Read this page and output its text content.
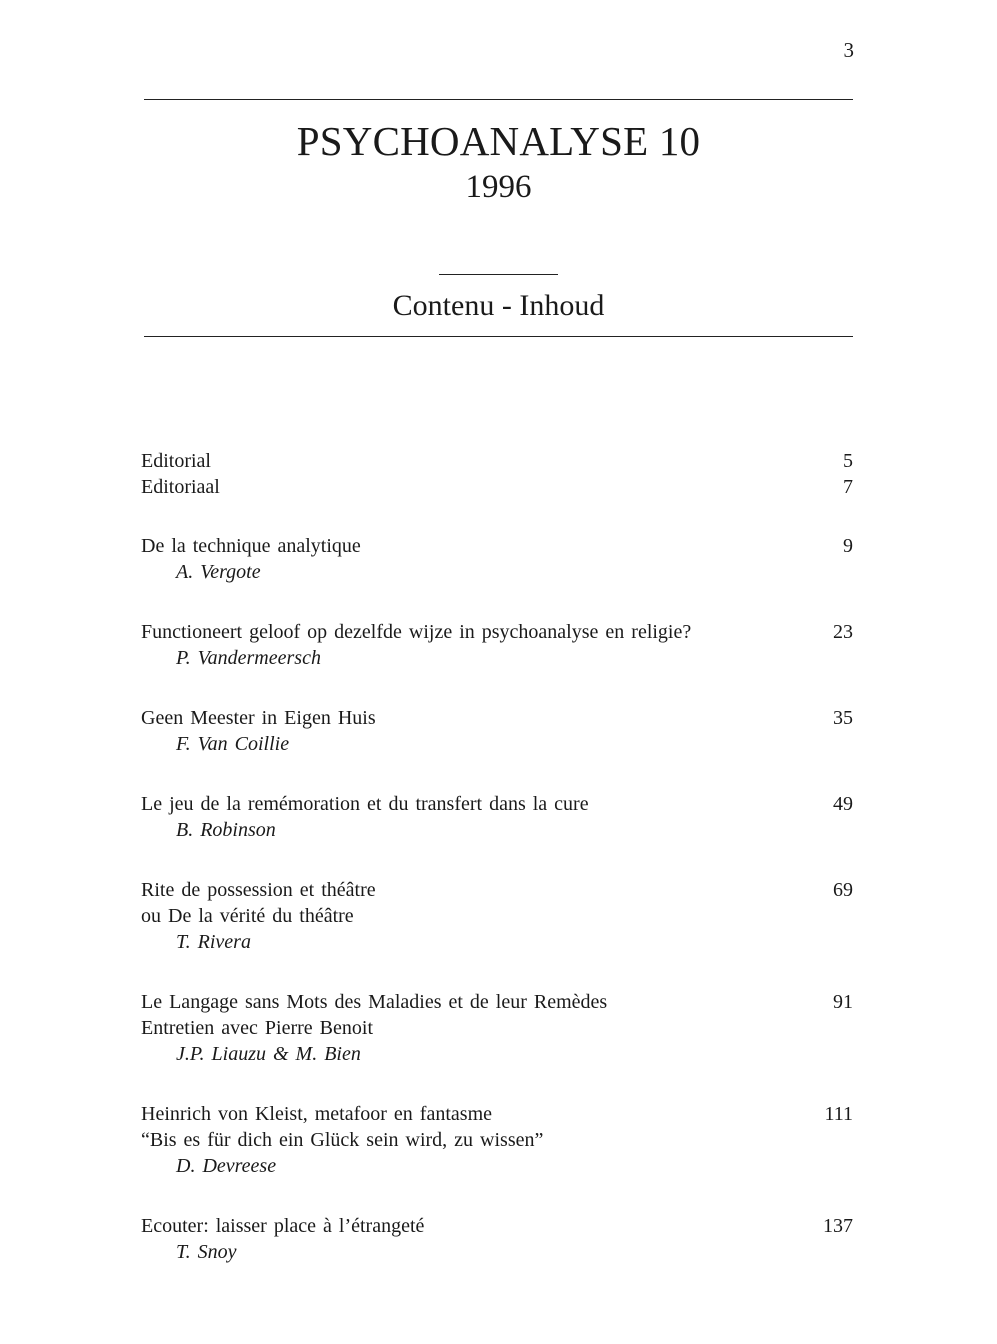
3
PSYCHOANALYSE 10
1996
Contenu - Inhoud
Editorial	5
Editoriaal	7
De la technique analytique	9
A. Vergote
Functioneert geloof op dezelfde wijze in psychoanalyse en religie?	23
P. Vandermeersch
Geen Meester in Eigen Huis	35
F. Van Coillie
Le jeu de la remémoration et du transfert dans la cure	49
B. Robinson
Rite de possession et théâtre	69
ou De la vérité du théâtre
T. Rivera
Le Langage sans Mots des Maladies et de leur Remèdes	91
Entretien avec Pierre Benoit
J.P. Liauzu & M. Bien
Heinrich von Kleist, metafoor en fantasme	111
“Bis es für dich ein Glück sein wird, zu wissen”
D. Devreese
Ecouter: laisser place à l’étrangeté	137
T. Snoy
